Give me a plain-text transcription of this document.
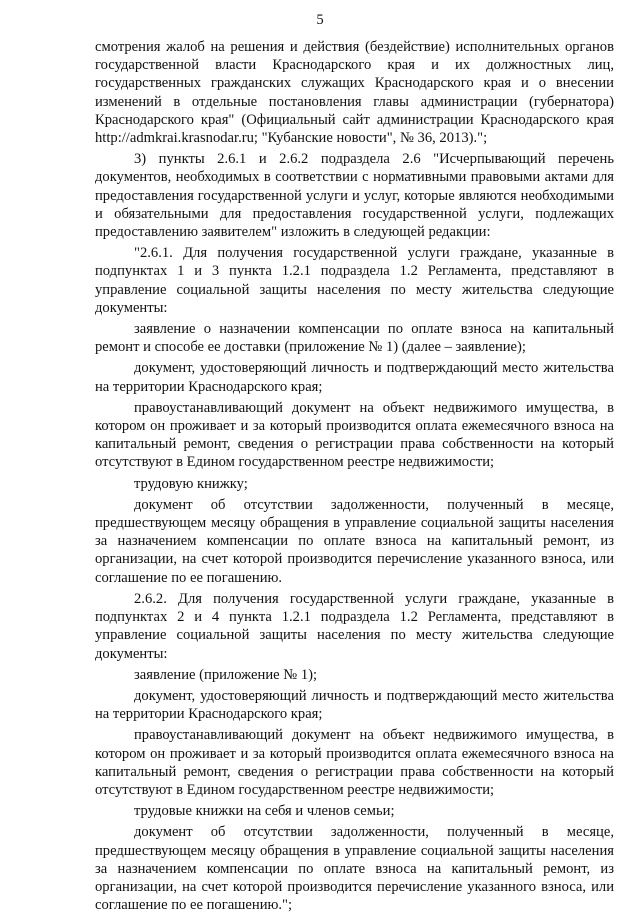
5

смотрения жалоб на решения и действия (бездействие) исполнительных органов государственной власти Краснодарского края и их должностных лиц, государственных гражданских служащих Краснодарского края и о внесении изменений в отдельные постановления главы администрации (губернатора) Краснодарского края" (Официальный сайт администрации Краснодарского края http://admkrai.krasnodar.ru; "Кубанские новости", № 36, 2013).";

3) пункты 2.6.1 и 2.6.2 подраздела 2.6 "Исчерпывающий перечень документов, необходимых в соответствии с нормативными правовыми актами для предоставления государственной услуги и услуг, которые являются необходимыми и обязательными для предоставления государственной услуги, подлежащих предоставлению заявителем" изложить в следующей редакции:

"2.6.1. Для получения государственной услуги граждане, указанные в подпунктах 1 и 3 пункта 1.2.1 подраздела 1.2 Регламента, представляют в управление социальной защиты населения по месту жительства следующие документы:

заявление о назначении компенсации по оплате взноса на капитальный ремонт и способе ее доставки (приложение № 1) (далее – заявление);

документ, удостоверяющий личность и подтверждающий место жительства на территории Краснодарского края;

правоустанавливающий документ на объект недвижимого имущества, в котором он проживает и за который производится оплата ежемесячного взноса на капитальный ремонт, сведения о регистрации права собственности на который отсутствуют в Едином государственном реестре недвижимости;

трудовую книжку;

документ об отсутствии задолженности, полученный в месяце, предшествующем месяцу обращения в управление социальной защиты населения за назначением компенсации по оплате взноса на капитальный ремонт, из организации, на счет которой производится перечисление указанного взноса, или соглашение по ее погашению.

2.6.2. Для получения государственной услуги граждане, указанные в подпунктах 2 и 4 пункта 1.2.1 подраздела 1.2 Регламента, представляют в управление социальной защиты населения по месту жительства следующие документы:

заявление (приложение № 1);

документ, удостоверяющий личность и подтверждающий место жительства на территории Краснодарского края;

правоустанавливающий документ на объект недвижимого имущества, в котором он проживает и за который производится оплата ежемесячного взноса на капитальный ремонт, сведения о регистрации права собственности на который отсутствуют в Едином государственном реестре недвижимости;

трудовые книжки на себя и членов семьи;

документ об отсутствии задолженности, полученный в месяце, предшествующем месяцу обращения в управление социальной защиты населения за назначением компенсации по оплате взноса на капитальный ремонт, из организации, на счет которой производится перечисление указанного взноса, или соглашение по ее погашению.";
